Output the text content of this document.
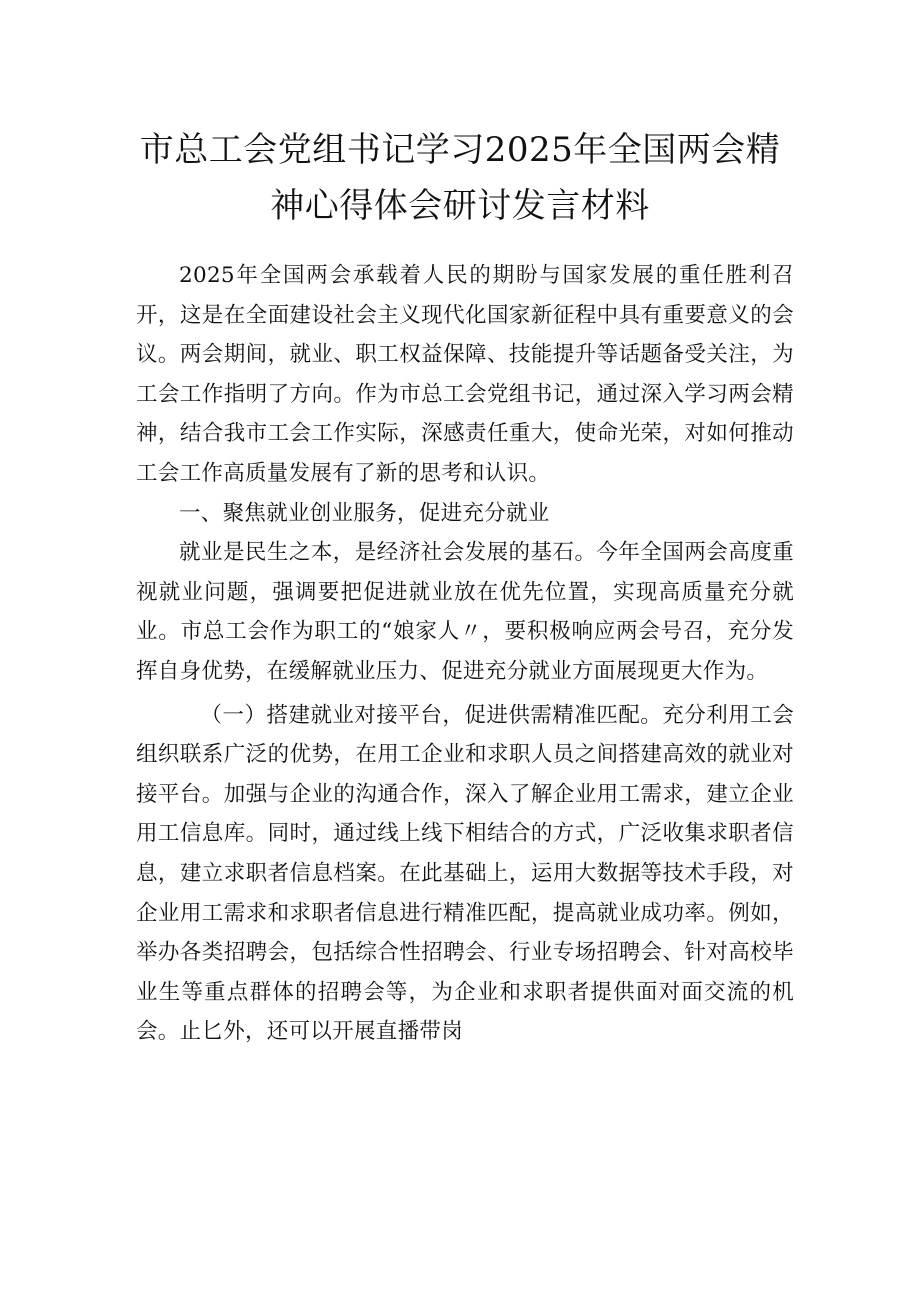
市总工会党组书记学习2025年全国两会精
神心得体会研讨发言材料

2025年全国两会承载着人民的期盼与国家发展的重任胜利召开，这是在全面建设社会主义现代化国家新征程中具有重要意义的会议。两会期间，就业、职工权益保障、技能提升等话题备受关注，为工会工作指明了方向。作为市总工会党组书记，通过深入学习两会精神，结合我市工会工作实际，深感责任重大，使命光荣，对如何推动工会工作高质量发展有了新的思考和认识。

一、聚焦就业创业服务，促进充分就业

就业是民生之本，是经济社会发展的基石。今年全国两会高度重视就业问题，强调要把促进就业放在优先位置，实现高质量充分就业。市总工会作为职工的“娘家人〃，要积极响应两会号召，充分发挥自身优势，在缓解就业压力、促进充分就业方面展现更大作为。

（一）搭建就业对接平台，促进供需精准匹配。充分利用工会组织联系广泛的优势，在用工企业和求职人员之间搭建高效的就业对接平台。加强与企业的沟通合作，深入了解企业用工需求，建立企业用工信息库。同时，通过线上线下相结合的方式，广泛收集求职者信息，建立求职者信息档案。在此基础上，运用大数据等技术手段，对企业用工需求和求职者信息进行精准匹配，提高就业成功率。例如，举办各类招聘会，包括综合性招聘会、行业专场招聘会、针对高校毕业生等重点群体的招聘会等，为企业和求职者提供面对面交流的机会。止匕外，还可以开展直播带岗
